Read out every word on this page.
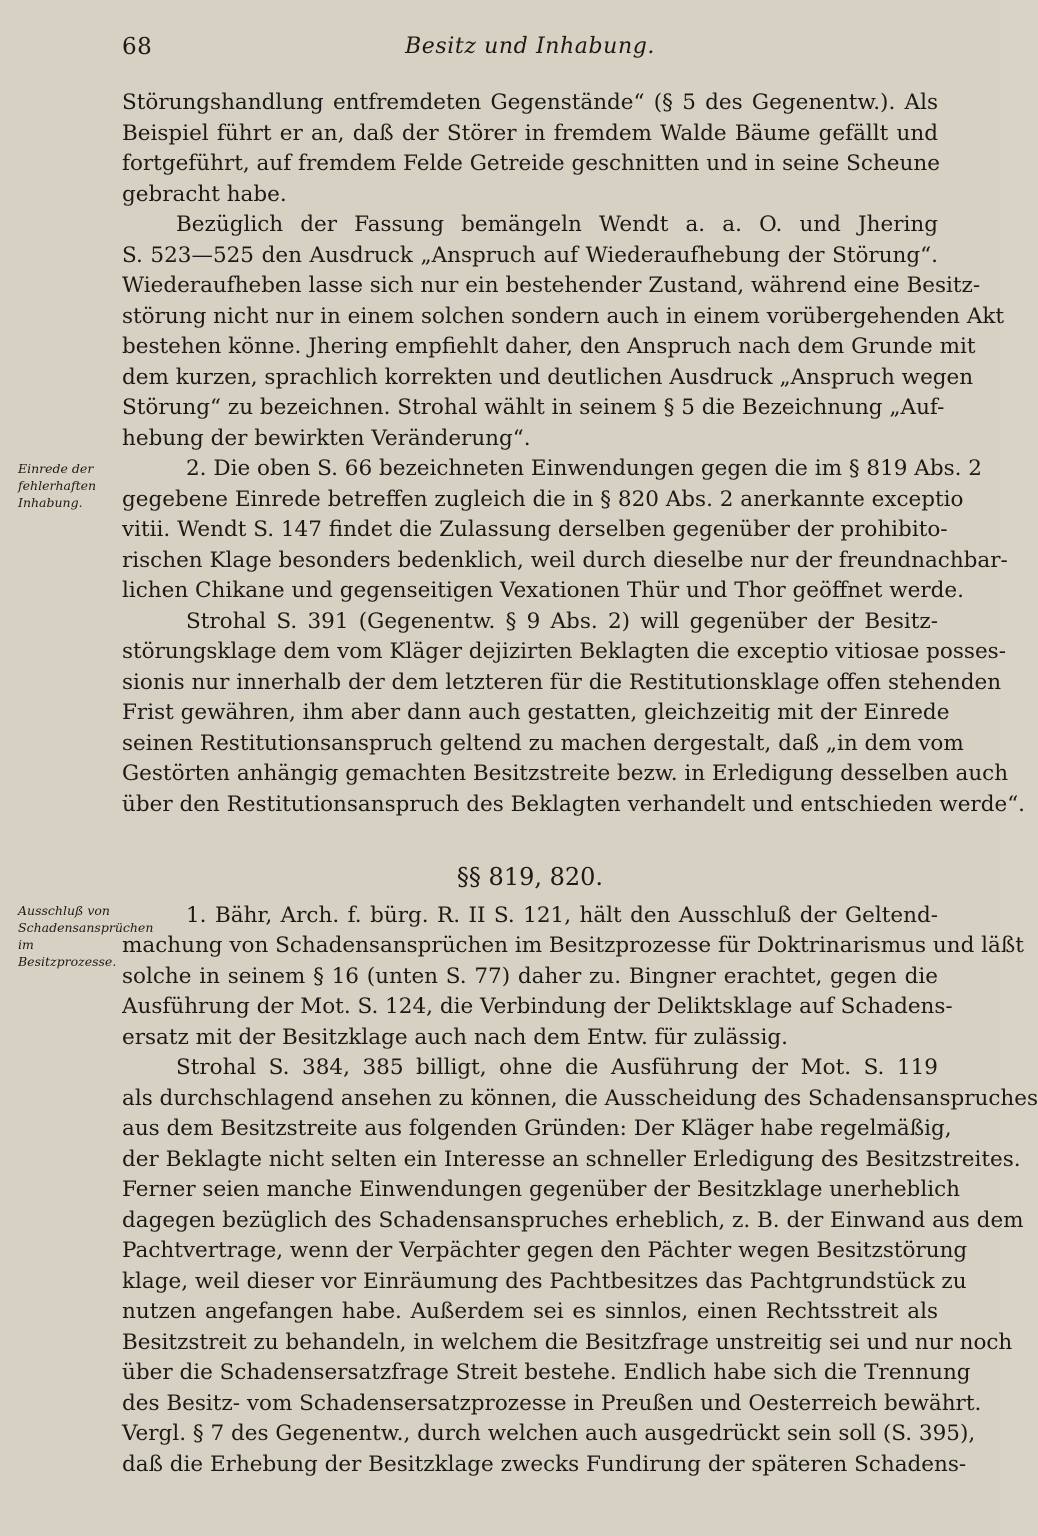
68	Besitz und Inhabung.
Einrede der fehlerhaften Inhabung.
Ausschluß von Schadensansprüchen im Besitzprozesse.
Störungshandlung entfremdeten Gegenstände“ (§ 5 des Gegenentw.). Als
Beispiel führt er an, daß der Störer in fremdem Walde Bäume gefällt und
fortgeführt, auf fremdem Felde Getreide geschnitten und in seine Scheune
gebracht habe.
Bezüglich der Fassung bemängeln Wendt a. a. O. und Jhering
S. 523—525 den Ausdruck „Anspruch auf Wiederaufhebung der Störung“.
Wiederaufheben lasse sich nur ein bestehender Zustand, während eine Besitz-
störung nicht nur in einem solchen sondern auch in einem vorübergehenden Akt
bestehen könne. Jhering empfiehlt daher, den Anspruch nach dem Grunde mit
dem kurzen, sprachlich korrekten und deutlichen Ausdruck „Anspruch wegen
Störung“ zu bezeichnen. Strohal wählt in seinem § 5 die Bezeichnung „Auf-
hebung der bewirkten Veränderung“.
2. Die oben S. 66 bezeichneten Einwendungen gegen die im § 819 Abs. 2
gegebene Einrede betreffen zugleich die in § 820 Abs. 2 anerkannte exceptio
vitii. Wendt S. 147 findet die Zulassung derselben gegenüber der prohibito-
rischen Klage besonders bedenklich, weil durch dieselbe nur der freundnachbar-
lichen Chikane und gegenseitigen Vexationen Thür und Thor geöffnet werde.
Strohal S. 391 (Gegenentw. § 9 Abs. 2) will gegenüber der Besitz-
störungsklage dem vom Kläger dejizirten Beklagten die exceptio vitiosae posses-
sionis nur innerhalb der dem letzteren für die Restitutionsklage offen stehenden
Frist gewähren, ihm aber dann auch gestatten, gleichzeitig mit der Einrede
seinen Restitutionsanspruch geltend zu machen dergestalt, daß „in dem vom
Gestörten anhängig gemachten Besitzstreite bezw. in Erledigung desselben auch
über den Restitutionsanspruch des Beklagten verhandelt und entschieden werde“.
§§ 819, 820.
1. Bähr, Arch. f. bürg. R. II S. 121, hält den Ausschluß der Geltend-
machung von Schadensansprüchen im Besitzprozesse für Doktrinarismus und läßt
solche in seinem § 16 (unten S. 77) daher zu. Bingner erachtet, gegen die
Ausführung der Mot. S. 124, die Verbindung der Deliktsklage auf Schadens-
ersatz mit der Besitzklage auch nach dem Entw. für zulässig.
Strohal S. 384, 385 billigt, ohne die Ausführung der Mot. S. 119
als durchschlagend ansehen zu können, die Ausscheidung des Schadensanspruches
aus dem Besitzstreite aus folgenden Gründen: Der Kläger habe regelmäßig,
der Beklagte nicht selten ein Interesse an schneller Erledigung des Besitzstreites.
Ferner seien manche Einwendungen gegenüber der Besitzklage unerheblich
dagegen bezüglich des Schadensanspruches erheblich, z. B. der Einwand aus dem
Pachtvertrage, wenn der Verpächter gegen den Pächter wegen Besitzstörung
klage, weil dieser vor Einräumung des Pachtbesitzes das Pachtgrundstück zu
nutzen angefangen habe. Außerdem sei es sinnlos, einen Rechtsstreit als
Besitzstreit zu behandeln, in welchem die Besitzfrage unstreitig sei und nur noch
über die Schadensersatzfrage Streit bestehe. Endlich habe sich die Trennung
des Besitz- vom Schadensersatzprozesse in Preußen und Oesterreich bewährt.
Vergl. § 7 des Gegenentw., durch welchen auch ausgedrückt sein soll (S. 395),
daß die Erhebung der Besitzklage zwecks Fundirung der späteren Schadens-
